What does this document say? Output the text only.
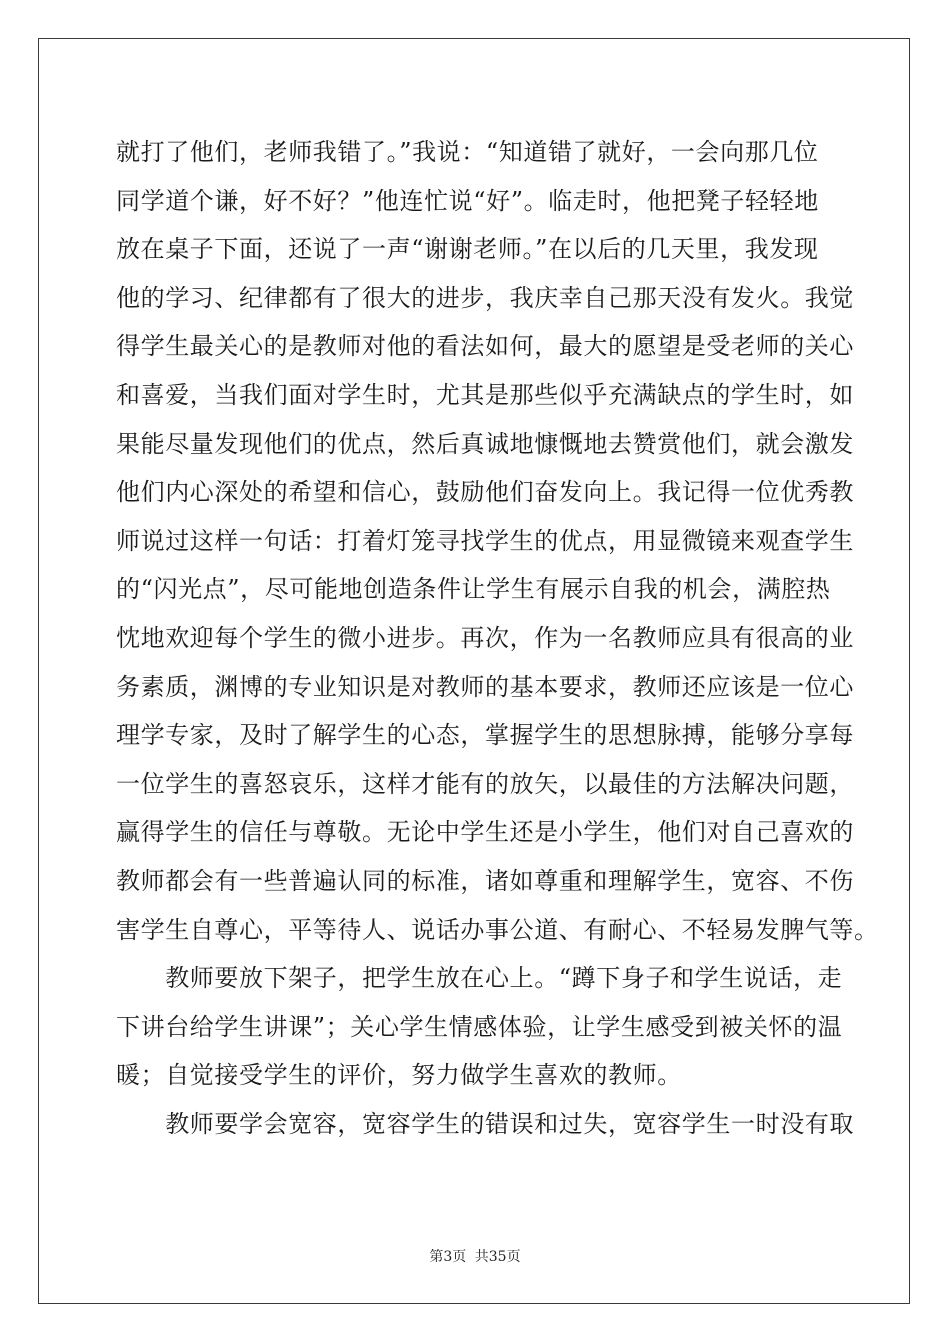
就打了他们，老师我错了。”我说：“知道错了就好，一会向那几位
同学道个谦，好不好？”他连忙说“好”。临走时，他把凳子轻轻地
放在桌子下面，还说了一声“谢谢老师。”在以后的几天里，我发现
他的学习、纪律都有了很大的进步，我庆幸自己那天没有发火。我觉
得学生最关心的是教师对他的看法如何，最大的愿望是受老师的关心
和喜爱，当我们面对学生时，尤其是那些似乎充满缺点的学生时，如
果能尽量发现他们的优点，然后真诚地慷慨地去赞赏他们，就会激发
他们内心深处的希望和信心，鼓励他们奋发向上。我记得一位优秀教
师说过这样一句话：打着灯笼寻找学生的优点，用显微镜来观查学生
的“闪光点”，尽可能地创造条件让学生有展示自我的机会，满腔热
忱地欢迎每个学生的微小进步。再次，作为一名教师应具有很高的业
务素质，渊博的专业知识是对教师的基本要求，教师还应该是一位心
理学专家，及时了解学生的心态，掌握学生的思想脉搏，能够分享每
一位学生的喜怒哀乐，这样才能有的放矢，以最佳的方法解决问题，
赢得学生的信任与尊敬。无论中学生还是小学生，他们对自己喜欢的
教师都会有一些普遍认同的标准，诸如尊重和理解学生，宽容、不伤
害学生自尊心，平等待人、说话办事公道、有耐心、不轻易发脾气等。
　　教师要放下架子，把学生放在心上。“蹲下身子和学生说话，走
下讲台给学生讲课”；关心学生情感体验，让学生感受到被关怀的温
暖；自觉接受学生的评价，努力做学生喜欢的教师。
　　教师要学会宽容，宽容学生的错误和过失，宽容学生一时没有取
第3页 共35页
